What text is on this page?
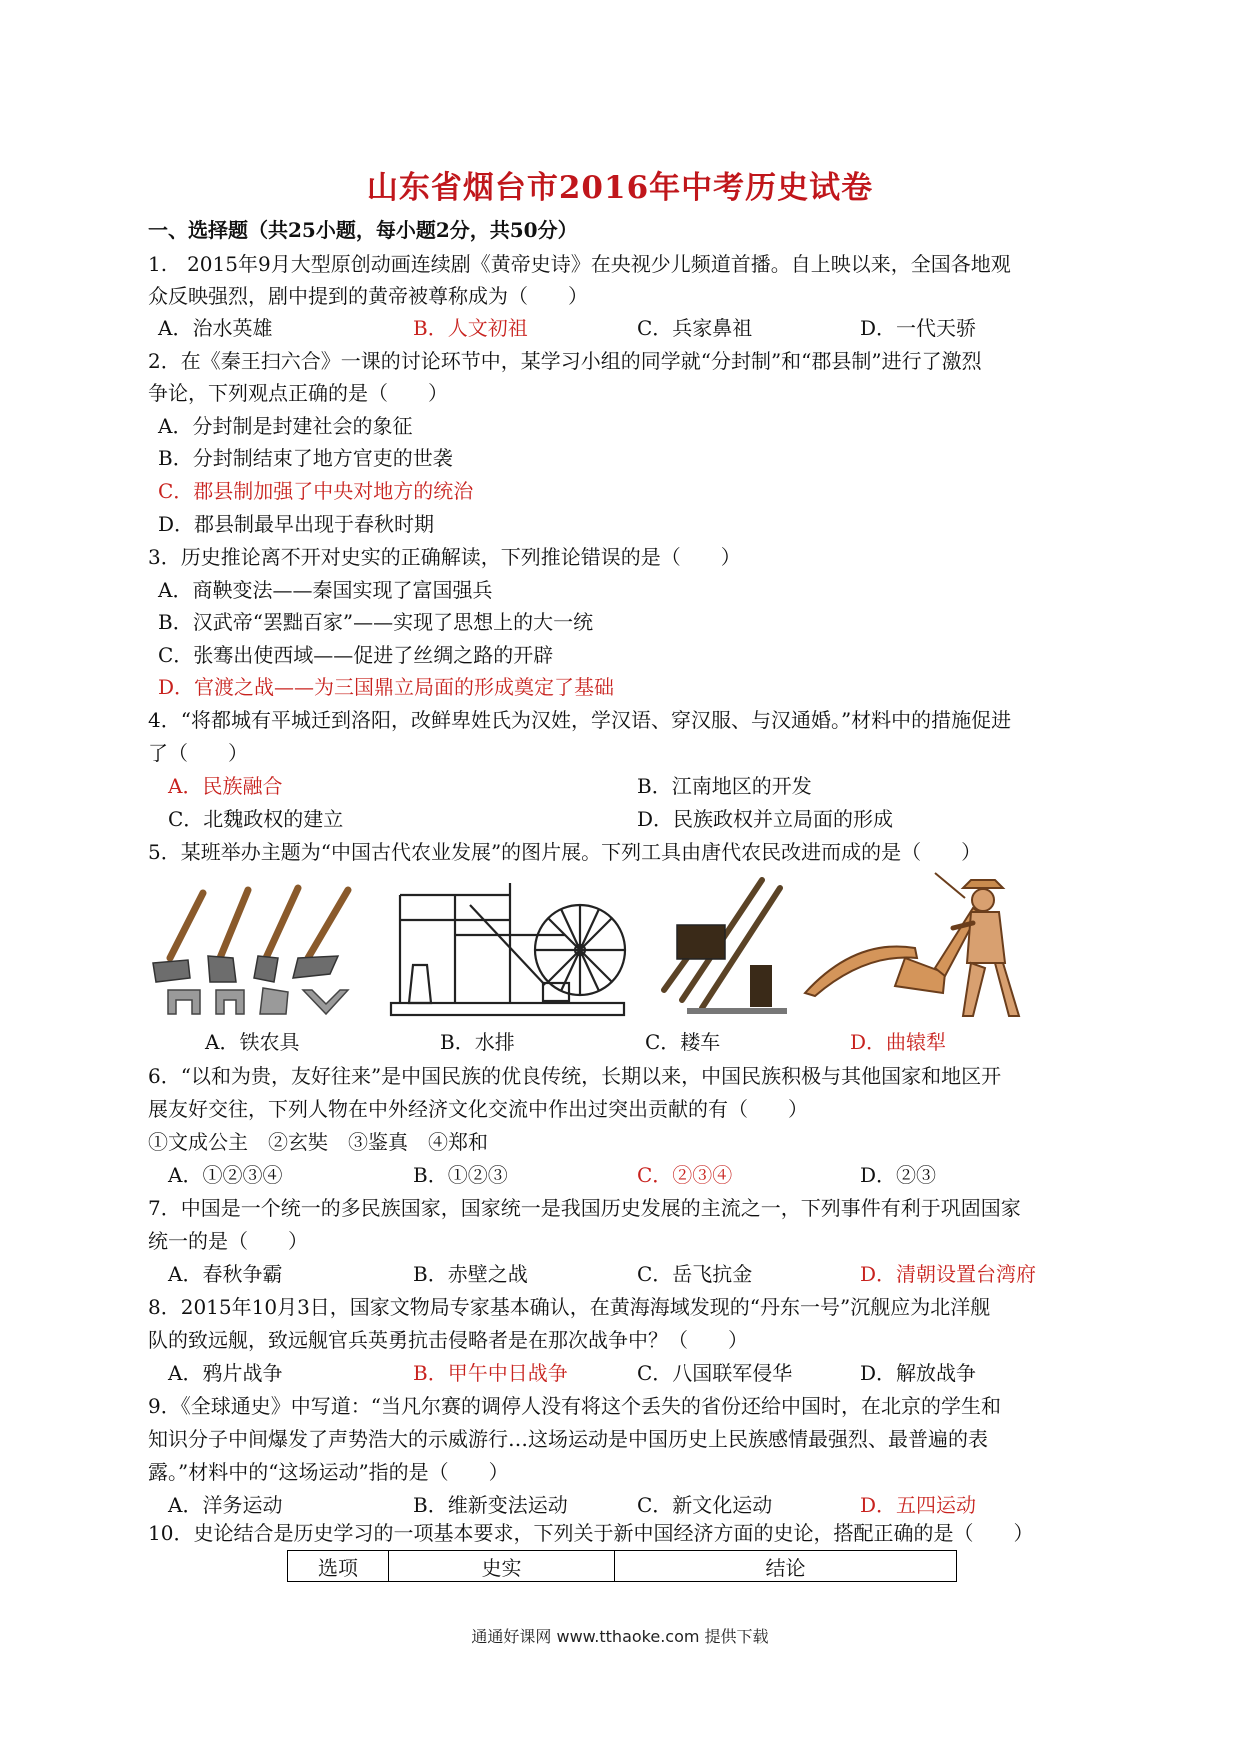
山东省烟台市2016年中考历史试卷
一、选择题（共25小题，每小题2分，共50分）
1.　2015年9月大型原创动画连续剧《黄帝史诗》在央视少儿频道首播。自上映以来，全国各地观
众反映强烈，剧中提到的黄帝被尊称成为（　　）
A．治水英雄	B．人文初祖	C．兵家鼻祖	D．一代天骄
2．在《秦王扫六合》一课的讨论环节中，某学习小组的同学就“分封制”和“郡县制”进行了激烈
争论，下列观点正确的是（　　）
A．分封制是封建社会的象征
B．分封制结束了地方官吏的世袭
C．郡县制加强了中央对地方的统治
D．郡县制最早出现于春秋时期
3．历史推论离不开对史实的正确解读，下列推论错误的是（　　）
A．商鞅变法——秦国实现了富国强兵
B．汉武帝“罢黜百家”——实现了思想上的大一统
C．张骞出使西域——促进了丝绸之路的开辟
D．官渡之战——为三国鼎立局面的形成奠定了基础
4．“将都城有平城迁到洛阳，改鲜卑姓氏为汉姓，学汉语、穿汉服、与汉通婚。”材料中的措施促进
了（　　）
A．民族融合	B．江南地区的开发
C．北魏政权的建立	D．民族政权并立局面的形成
5．某班举办主题为“中国古代农业发展”的图片展。下列工具由唐代农民改进而成的是（　　）
A．铁农具	B．水排	C．耧车	D．曲辕犁
6．“以和为贵，友好往来”是中国民族的优良传统，长期以来，中国民族积极与其他国家和地区开
展友好交往，下列人物在中外经济文化交流中作出过突出贡献的有（　　）
①文成公主　②玄奘　③鉴真　④郑和
A．①②③④	B．①②③	C．②③④	D．②③
7．中国是一个统一的多民族国家，国家统一是我国历史发展的主流之一，下列事件有利于巩固国家
统一的是（　　）
A．春秋争霸	B．赤壁之战	C．岳飞抗金	D．清朝设置台湾府
8．2015年10月3日，国家文物局专家基本确认，在黄海海域发现的“丹东一号”沉舰应为北洋舰
队的致远舰，致远舰官兵英勇抗击侵略者是在那次战争中？（　　）
A．鸦片战争	B．甲午中日战争	C．八国联军侵华	D．解放战争
9．《全球通史》中写道：“当凡尔赛的调停人没有将这个丢失的省份还给中国时，在北京的学生和
知识分子中间爆发了声势浩大的示威游行…这场运动是中国历史上民族感情最强烈、最普遍的表
露。”材料中的“这场运动”指的是（　　）
A．洋务运动	B．维新变法运动	C．新文化运动	D．五四运动
10．史论结合是历史学习的一项基本要求，下列关于新中国经济方面的史论，搭配正确的是（　　）
选项	史实	结论
通通好课网 www.tthaoke.com 提供下载
